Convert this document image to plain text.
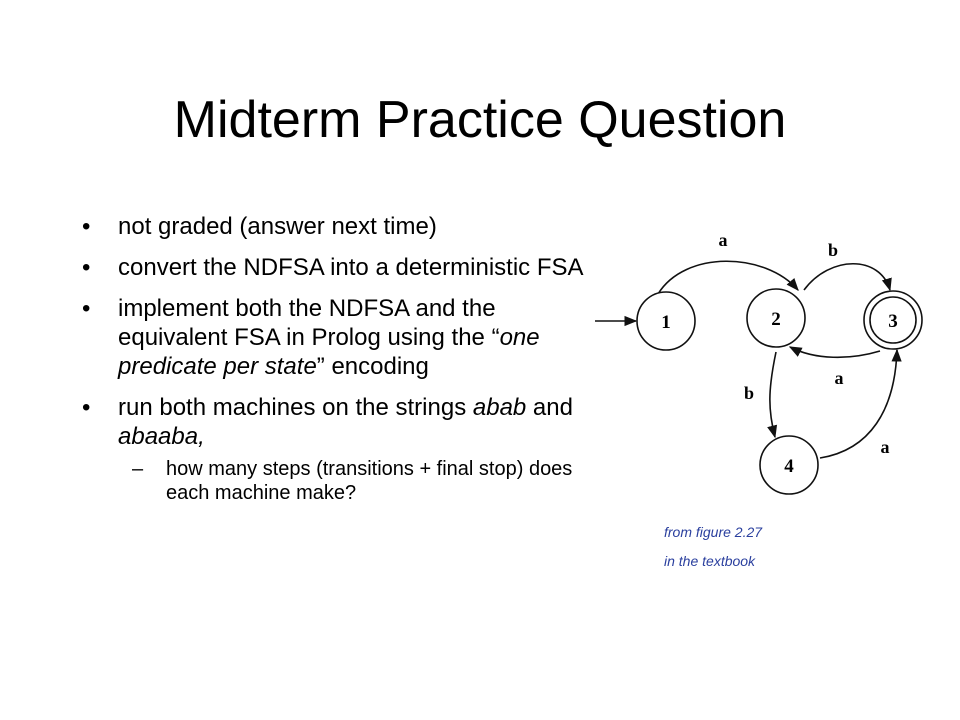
Midterm Practice Question
• not graded (answer next time)
• convert the NDFSA into a deterministic FSA
• implement both the NDFSA and the equivalent FSA in Prolog using the “one predicate per state” encoding
• run both machines on the strings abab and abaaba,
– how many steps (transitions + final stop) does each machine make?
1	2	3
4
a	b
a
b
a
from figure 2.27
in the textbook
